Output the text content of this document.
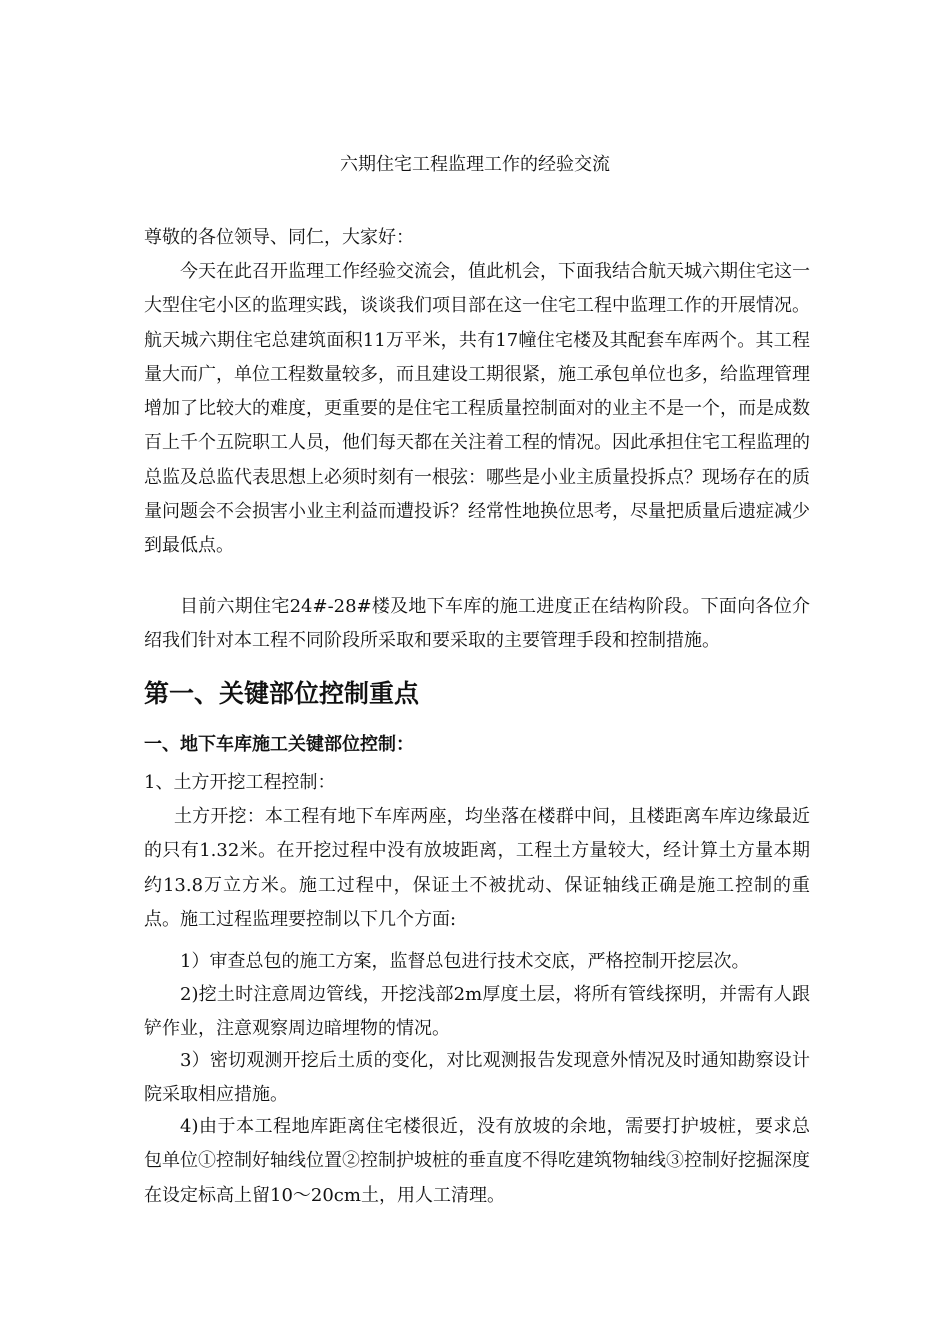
六期住宅工程监理工作的经验交流

尊敬的各位领导、同仁，大家好：

今天在此召开监理工作经验交流会，值此机会，下面我结合航天城六期住宅这一大型住宅小区的监理实践，谈谈我们项目部在这一住宅工程中监理工作的开展情况。航天城六期住宅总建筑面积11万平米，共有17幢住宅楼及其配套车库两个。其工程量大而广，单位工程数量较多，而且建设工期很紧，施工承包单位也多，给监理管理增加了比较大的难度，更重要的是住宅工程质量控制面对的业主不是一个，而是成数百上千个五院职工人员，他们每天都在关注着工程的情况。因此承担住宅工程监理的总监及总监代表思想上必须时刻有一根弦：哪些是小业主质量投拆点？现场存在的质量问题会不会损害小业主利益而遭投诉？经常性地换位思考，尽量把质量后遗症减少到最低点。

目前六期住宅24#-28#楼及地下车库的施工进度正在结构阶段。下面向各位介绍我们针对本工程不同阶段所采取和要采取的主要管理手段和控制措施。

第一、关键部位控制重点
一、地下车库施工关键部位控制：

1、土方开挖工程控制：

土方开挖：本工程有地下车库两座，均坐落在楼群中间，且楼距离车库边缘最近的只有1.32米。在开挖过程中没有放坡距离，工程土方量较大，经计算土方量本期约13.8万立方米。施工过程中，保证土不被扰动、保证轴线正确是施工控制的重点。施工过程监理要控制以下几个方面:

1）审查总包的施工方案，监督总包进行技术交底，严格控制开挖层次。

2)挖土时注意周边管线，开挖浅部2m厚度土层，将所有管线探明，并需有人跟铲作业，注意观察周边暗埋物的情况。

3）密切观测开挖后土质的变化，对比观测报告发现意外情况及时通知勘察设计院采取相应措施。

4)由于本工程地库距离住宅楼很近，没有放坡的余地，需要打护坡桩，要求总包单位①控制好轴线位置②控制护坡桩的垂直度不得吃建筑物轴线③控制好挖掘深度在设定标高上留10～20cm土，用人工清理。
